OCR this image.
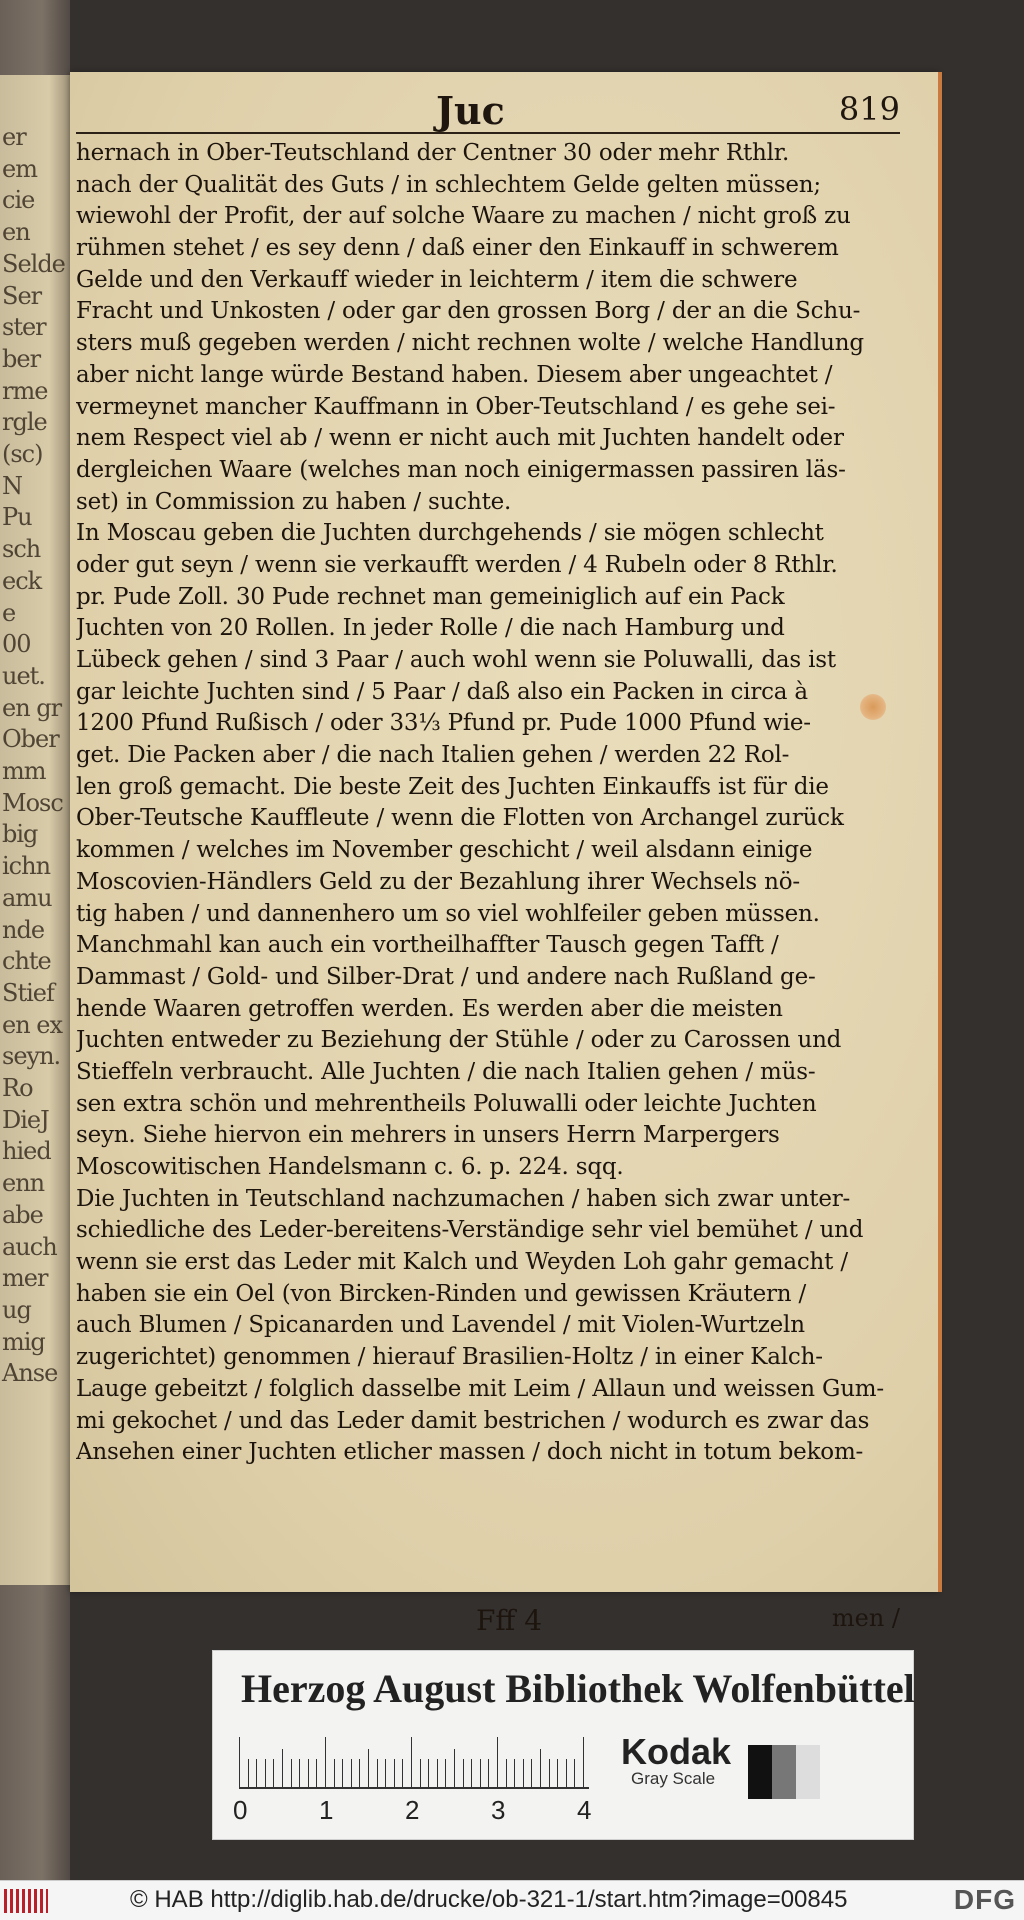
er
em
cie
en
Selde
Ser
ster
ber
rme
rgle
(sc)
N
Pu
sch
eck
e
00
uet.
en gr
Ober
mm
Mosc
big
ichn
amu
nde
chte
Stief
en ex
seyn.
Ro
DieJ
hied
enn
abe
auch
mer
ug
mig
Anse
Juc	819
hernach in Ober-Teutschland der Centner 30 oder mehr Rthlr.
nach der Qualität des Guts / in schlechtem Gelde gelten müssen;
wiewohl der Profit, der auf solche Waare zu machen / nicht groß zu
rühmen stehet / es sey denn / daß einer den Einkauff in schwerem
Gelde und den Verkauff wieder in leichterm / item die schwere
Fracht und Unkosten / oder gar den grossen Borg / der an die Schu-
sters muß gegeben werden / nicht rechnen wolte / welche Handlung
aber nicht lange würde Bestand haben. Diesem aber ungeachtet /
vermeynet mancher Kauffmann in Ober-Teutschland / es gehe sei-
nem Respect viel ab / wenn er nicht auch mit Juchten handelt oder
dergleichen Waare (welches man noch einigermassen passiren läs-
set) in Commission zu haben / suchte.
In Moscau geben die Juchten durchgehends / sie mögen schlecht
oder gut seyn / wenn sie verkaufft werden / 4 Rubeln oder 8 Rthlr.
pr. Pude Zoll. 30 Pude rechnet man gemeiniglich auf ein Pack
Juchten von 20 Rollen. In jeder Rolle / die nach Hamburg und
Lübeck gehen / sind 3 Paar / auch wohl wenn sie Poluwalli, das ist
gar leichte Juchten sind / 5 Paar / daß also ein Packen in circa à
1200 Pfund Rußisch / oder 33⅓ Pfund pr. Pude 1000 Pfund wie-
get. Die Packen aber / die nach Italien gehen / werden 22 Rol-
len groß gemacht. Die beste Zeit des Juchten Einkauffs ist für die
Ober-Teutsche Kauffleute / wenn die Flotten von Archangel zurück
kommen / welches im November geschicht / weil alsdann einige
Moscovien-Händlers Geld zu der Bezahlung ihrer Wechsels nö-
tig haben / und dannenhero um so viel wohlfeiler geben müssen.
Manchmahl kan auch ein vortheilhaffter Tausch gegen Tafft /
Dammast / Gold- und Silber-Drat / und andere nach Rußland ge-
hende Waaren getroffen werden. Es werden aber die meisten
Juchten entweder zu Beziehung der Stühle / oder zu Carossen und
Stieffeln verbraucht. Alle Juchten / die nach Italien gehen / müs-
sen extra schön und mehrentheils Poluwalli oder leichte Juchten
seyn. Siehe hiervon ein mehrers in unsers Herrn Marpergers
Moscowitischen Handelsmann c. 6. p. 224. sqq.
Die Juchten in Teutschland nachzumachen / haben sich zwar unter-
schiedliche des Leder-bereitens-Verständige sehr viel bemühet / und
wenn sie erst das Leder mit Kalch und Weyden Loh gahr gemacht /
haben sie ein Oel (von Bircken-Rinden und gewissen Kräutern /
auch Blumen / Spicanarden und Lavendel / mit Violen-Wurtzeln
zugerichtet) genommen / hierauf Brasilien-Holtz / in einer Kalch-
Lauge gebeitzt / folglich dasselbe mit Leim / Allaun und weissen Gum-
mi gekochet / und das Leder damit bestrichen / wodurch es zwar das
Ansehen einer Juchten etlicher massen / doch nicht in totum bekom-
Fff 4	men /
Herzog August Bibliothek Wolfenbüttel
0	1	2	3	4
Kodak
Gray Scale
© HAB http://diglib.hab.de/drucke/ob-321-1/start.htm?image=00845	DFG
